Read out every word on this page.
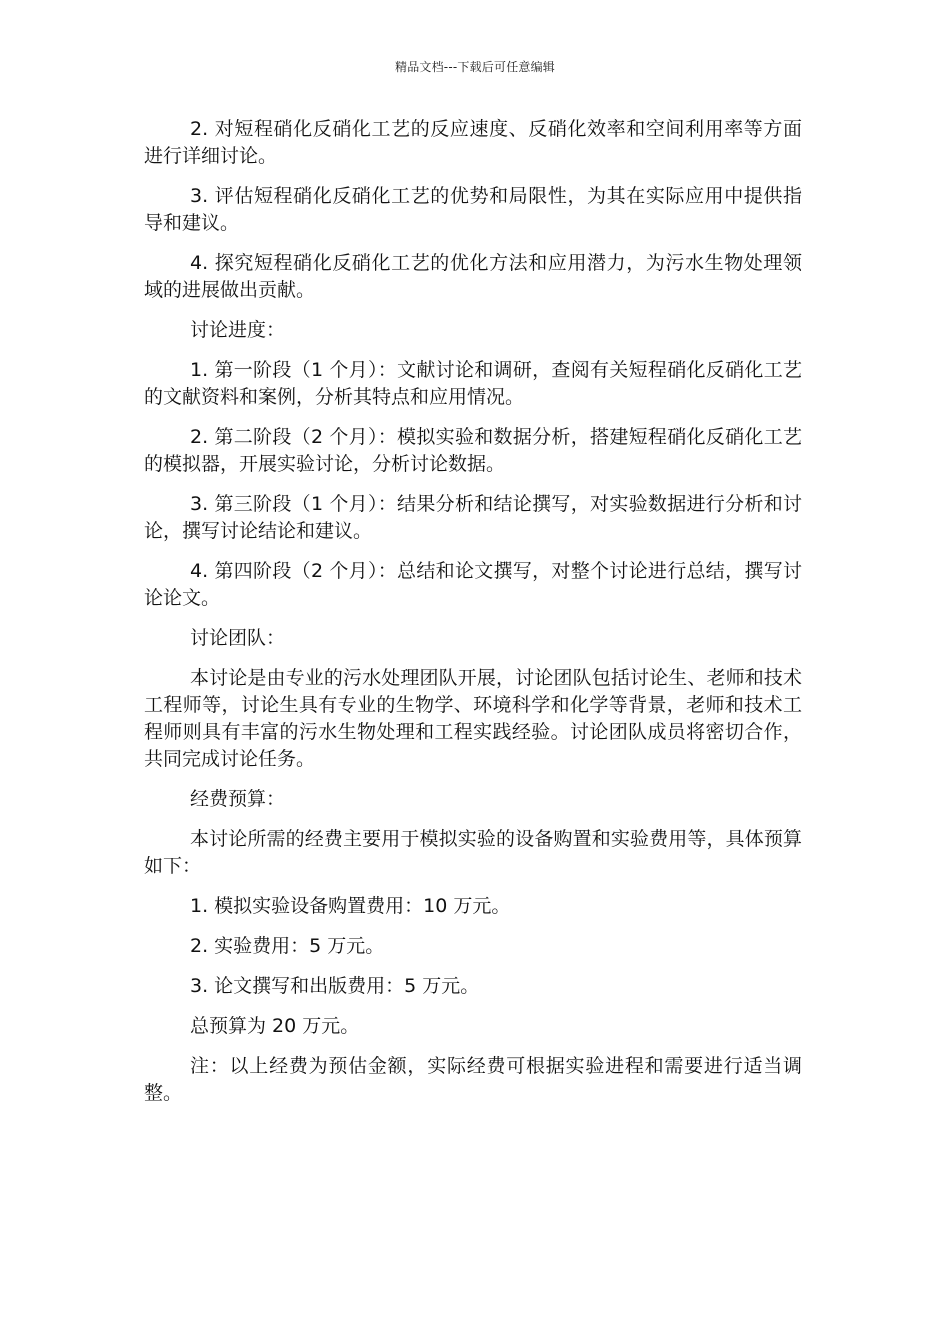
精品文档---下载后可任意编辑

2. 对短程硝化反硝化工艺的反应速度、反硝化效率和空间利用率等方面进行详细讨论。

3. 评估短程硝化反硝化工艺的优势和局限性，为其在实际应用中提供指导和建议。

4. 探究短程硝化反硝化工艺的优化方法和应用潜力，为污水生物处理领域的进展做出贡献。

讨论进度：

1. 第一阶段（1 个月）：文献讨论和调研，查阅有关短程硝化反硝化工艺的文献资料和案例，分析其特点和应用情况。

2. 第二阶段（2 个月）：模拟实验和数据分析，搭建短程硝化反硝化工艺的模拟器，开展实验讨论，分析讨论数据。

3. 第三阶段（1 个月）：结果分析和结论撰写，对实验数据进行分析和讨论，撰写讨论结论和建议。

4. 第四阶段（2 个月）：总结和论文撰写，对整个讨论进行总结，撰写讨论论文。

讨论团队：

本讨论是由专业的污水处理团队开展，讨论团队包括讨论生、老师和技术工程师等，讨论生具有专业的生物学、环境科学和化学等背景，老师和技术工程师则具有丰富的污水生物处理和工程实践经验。讨论团队成员将密切合作，共同完成讨论任务。

经费预算：

本讨论所需的经费主要用于模拟实验的设备购置和实验费用等，具体预算如下：

1. 模拟实验设备购置费用：10 万元。

2. 实验费用：5 万元。

3. 论文撰写和出版费用：5 万元。

总预算为 20 万元。

注：以上经费为预估金额，实际经费可根据实验进程和需要进行适当调整。
